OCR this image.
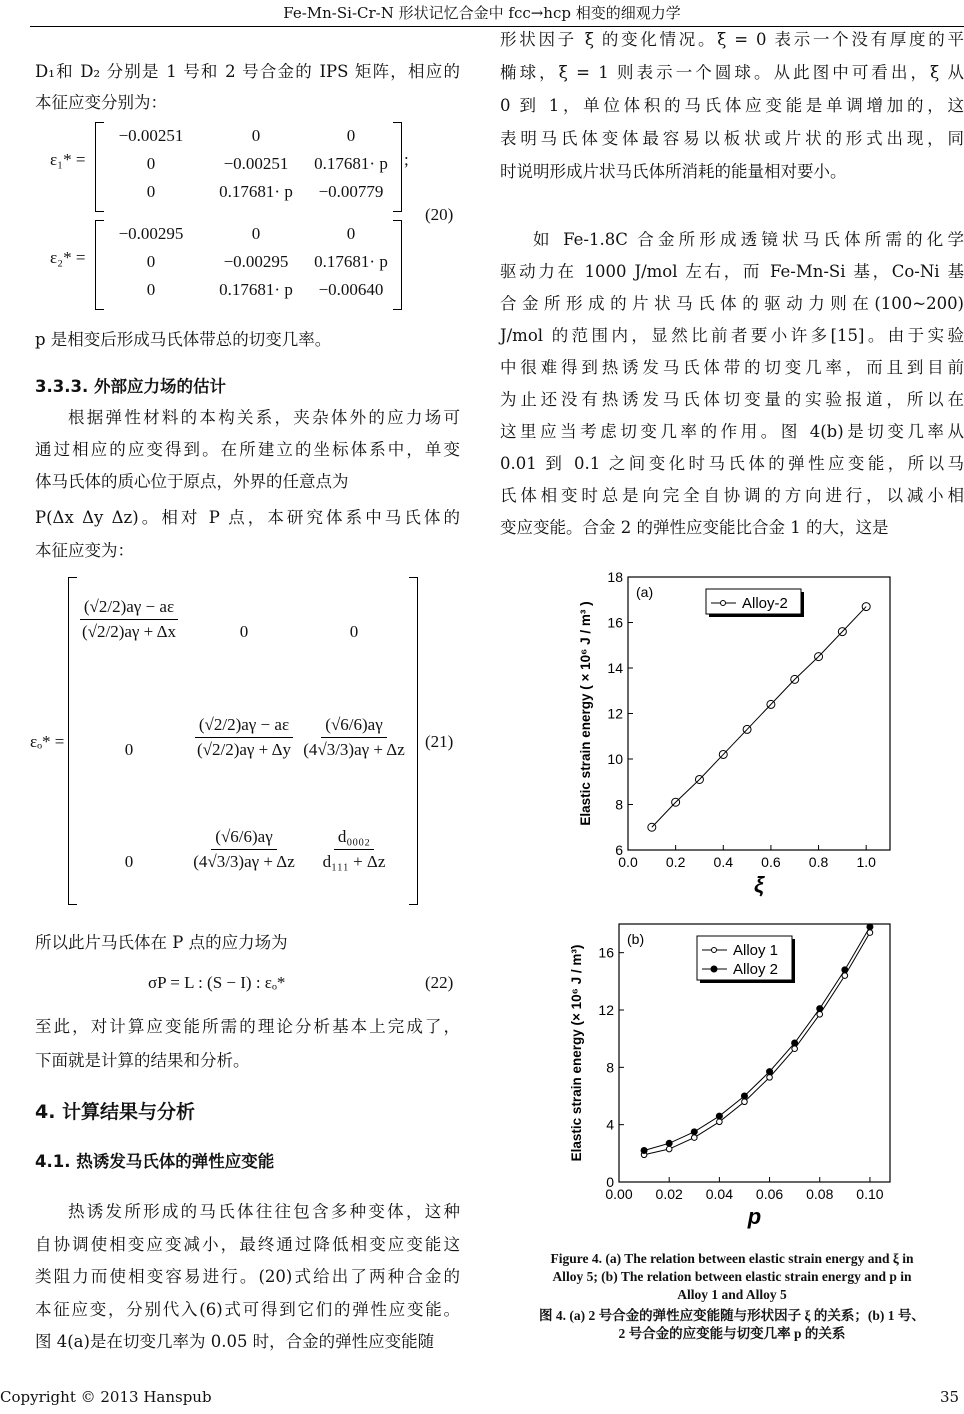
Fe-Mn-Si-Cr-N 形状记忆合金中 fcc→hcp 相变的细观力学
D₁和 D₂ 分别是 1 号和 2 号合金的 IPS 矩阵，相应的
本征应变分别为：
ε₁* =
−0.00251	0	0
0	−0.00251	0.17681· p
0	0.17681· p	−0.00779
;
ε₂* =
−0.00295	0	0
0	−0.00295	0.17681· p
0	0.17681· p	−0.00640
(20)
p 是相变后形成马氏体带总的切变几率。
3.3.3. 外部应力场的估计
根据弹性材料的本构关系，夹杂体外的应力场可
通过相应的应变得到。在所建立的坐标体系中，单变
体马氏体的质心位于原点，外界的任意点为
P(Δx Δy Δz)。相对 P 点，本研究体系中马氏体的
本征应变为：
εₒ* =
$\frac{(√2/2)a\gamma - a\varepsilon}{(√2/2)a\gamma + \Delta x}$	0	0
0	$\frac{(√2/2)a\gamma - a\varepsilon}{(√2/2)a\gamma + \Delta y} \frac{(√6/6)a\gamma}{(4√3/3)a\gamma + \Delta z}$
0	$\frac{(√6/6)a\gamma}{(4√3/3)a\gamma + \Delta z} \frac{\text{d₀₀₀₂}}{\text{d₁₁₁ + Δz}}$
(21)
所以此片马氏体在 P 点的应力场为
σP = L : (S − I) : εₒ*	(22)
至此，对计算应变能所需的理论分析基本上完成了，
下面就是计算的结果和分析。
4. 计算结果与分析
4.1. 热诱发马氏体的弹性应变能
热诱发所形成的马氏体往往包含多种变体，这种
自协调使相变应变减小，最终通过降低相变应变能这
类阻力而使相变容易进行。(20)式给出了两种合金的
本征应变，分别代入(6)式可得到它们的弹性应变能。
图 4(a)是在切变几率为 0.05 时，合金的弹性应变能随
形状因子 ξ 的变化情况。ξ = 0 表示一个没有厚度的平
椭球，ξ = 1 则表示一个圆球。从此图中可看出，ξ 从
0 到 1，单位体积的马氏体应变能是单调增加的，这
表明马氏体变体最容易以板状或片状的形式出现，同
时说明形成片状马氏体所消耗的能量相对要小。
如 Fe-1.8C 合金所形成透镜状马氏体所需的化学
驱动力在 1000 J/mol 左右，而 Fe-Mn-Si 基，Co-Ni 基
合金所形成的片状马氏体的驱动力则在(100~200)
J/mol 的范围内，显然比前者要小许多[15]。由于实验
中很难得到热诱发马氏体带的切变几率，而且到目前
为止还没有热诱发马氏体切变量的实验报道，所以在
这里应当考虑切变几率的作用。图 4(b)是切变几率从
0.01 到 0.1 之间变化时马氏体的弹性应变能，所以马
氏体相变时总是向完全自协调的方向进行，以减小相
变应变能。合金 2 的弹性应变能比合金 1 的大，这是
0.0 0.2 0.4 0.6 0.8 1.0
6
8
10
12
14
16
18
ξ
Elastic strain energy ( × 10⁶ J / m³ )
(a)
Alloy-2
0.00 0.02 0.04 0.06 0.08 0.10
0
4
8
12
16
p
Elastic strain energy (× 10⁶ J / m³)
(b)
Alloy 1
Alloy 2
Figure 4. (a) The relation between elastic strain energy and ξ in
Alloy 5; (b) The relation between elastic strain energy and p in
Alloy 1 and Alloy 5
图 4. (a) 2 号合金的弹性应变能随与形状因子 ξ 的关系；(b) 1 号、
2 号合金的应变能与切变几率 p 的关系
Copyright © 2013 Hanspub	35
